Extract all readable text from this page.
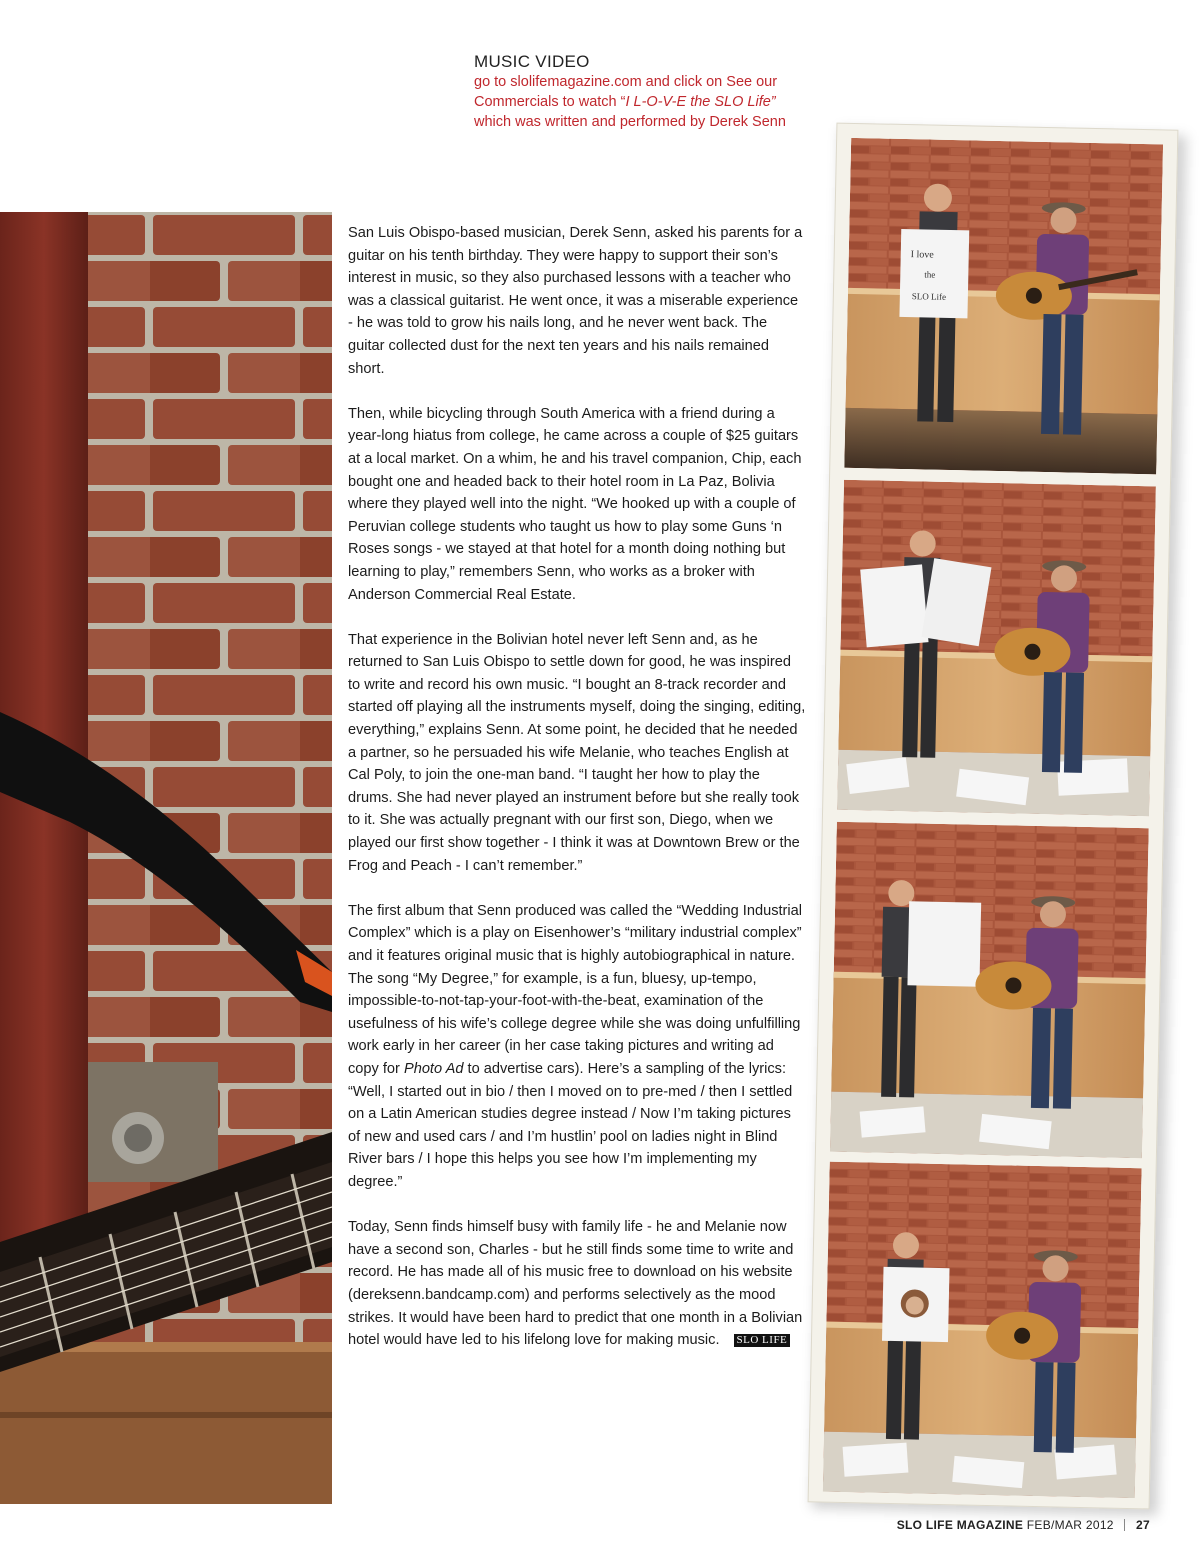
MUSIC VIDEO
go to slolifemagazine.com and click on See our
Commercials to watch “I L-O-V-E the SLO Life”
which was written and performed by Derek Senn

San Luis Obispo-based musician, Derek Senn, asked his parents for a guitar on his tenth birthday. They were happy to support their son’s interest in music, so they also purchased lessons with a teacher who was a classical guitarist. He went once, it was a miserable experience - he was told to grow his nails long, and he never went back. The guitar collected dust for the next ten years and his nails remained short.

Then, while bicycling through South America with a friend during a year-long hiatus from college, he came across a couple of $25 guitars at a local market. On a whim, he and his travel companion, Chip, each bought one and headed back to their hotel room in La Paz, Bolivia where they played well into the night. “We hooked up with a couple of Peruvian college students who taught us how to play some Guns ‘n Roses songs - we stayed at that hotel for a month doing nothing but learning to play,” remembers Senn, who works as a broker with Anderson Commercial Real Estate.

That experience in the Bolivian hotel never left Senn and, as he returned to San Luis Obispo to settle down for good, he was inspired to write and record his own music. “I bought an 8-track recorder and started off playing all the instruments myself, doing the singing, editing, everything,” explains Senn. At some point, he decided that he needed a partner, so he persuaded his wife Melanie, who teaches English at Cal Poly, to join the one-man band. “I taught her how to play the drums. She had never played an instrument before but she really took to it. She was actually pregnant with our first son, Diego, when we played our first show together - I think it was at Downtown Brew or the Frog and Peach - I can’t remember.”

The first album that Senn produced was called the “Wedding Industrial Complex” which is a play on Eisenhower’s “military industrial complex” and it features original music that is highly autobiographical in nature. The song “My Degree,” for example, is a fun, bluesy, up-tempo, impossible-to-not-tap-your-foot-with-the-beat, examination of the usefulness of his wife’s college degree while she was doing unfulfilling work early in her career (in her case taking pictures and writing ad copy for Photo Ad to advertise cars). Here’s a sampling of the lyrics: “Well, I started out in bio / then I moved on to pre-med / then I settled on a Latin American studies degree instead / Now I’m taking pictures of new and used cars / and I’m hustlin’ pool on ladies night in Blind River bars / I hope this helps you see how I’m implementing my degree.”

Today, Senn finds himself busy with family life - he and Melanie now have a second son, Charles - but he still finds some time to write and record. He has made all of his music free to download on his website (dereksenn.bandcamp.com) and performs selectively as the mood strikes. It would have been hard to predict that one month in a Bolivian hotel would have led to his lifelong love for making music. SLO LIFE

I love
the
SLO Life
SLO LIFE MAGAZINE FEB/MAR 2012 27
